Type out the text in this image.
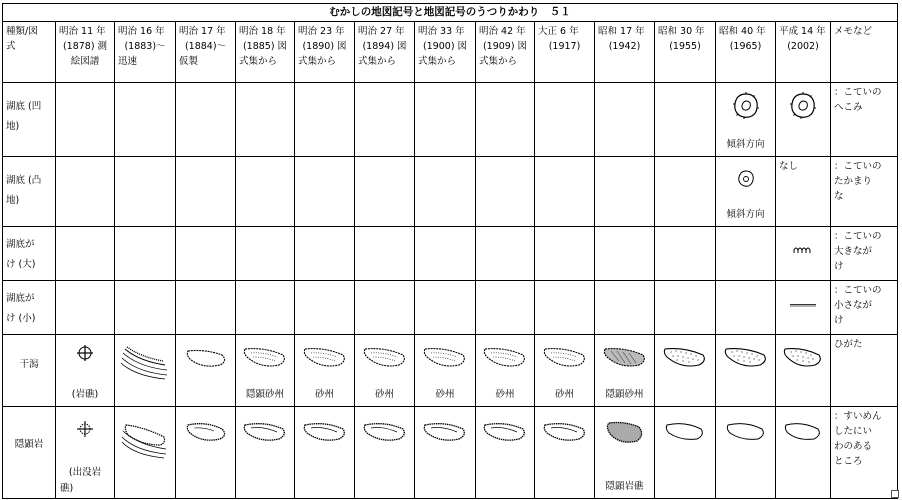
むかしの地図記号と地図記号のうつりかわり　５１														
種類/図
式	明治 11 年

(1878) 測
絵図譜	明治 16 年

(1883)～
迅速	明治 17 年

(1884)～
仮製	明治 18 年

(1885) 図
式集から	明治 23 年

(1890) 図
式集から	明治 27 年

(1894) 図
式集から	明治 33 年

(1900) 図
式集から	明治 42 年

(1909) 図
式集から	大正 6 年

(1917)	昭和 17 年

(1942)	昭和 30 年

(1955)	昭和 40 年

(1965)	平成 14 年

(2002)	メモなど
湖底 (凹
地)												傾斜方向		：こていの
へこみ
湖底 (凸
地)												傾斜方向	なし	：こていの
たかまり
な
湖底が
け (大)														：こていの
大きなが
け
湖底が
け (小)														：こていの
小さなが
け
干潟	(岩礁)			隠顕砂州	砂州	砂州	砂州	砂州	砂州	隠顕砂州				ひがた
隠顕岩	(出没岩
礁)									隠顕岩礁				：すいめん
したにい
わのある
ところ
